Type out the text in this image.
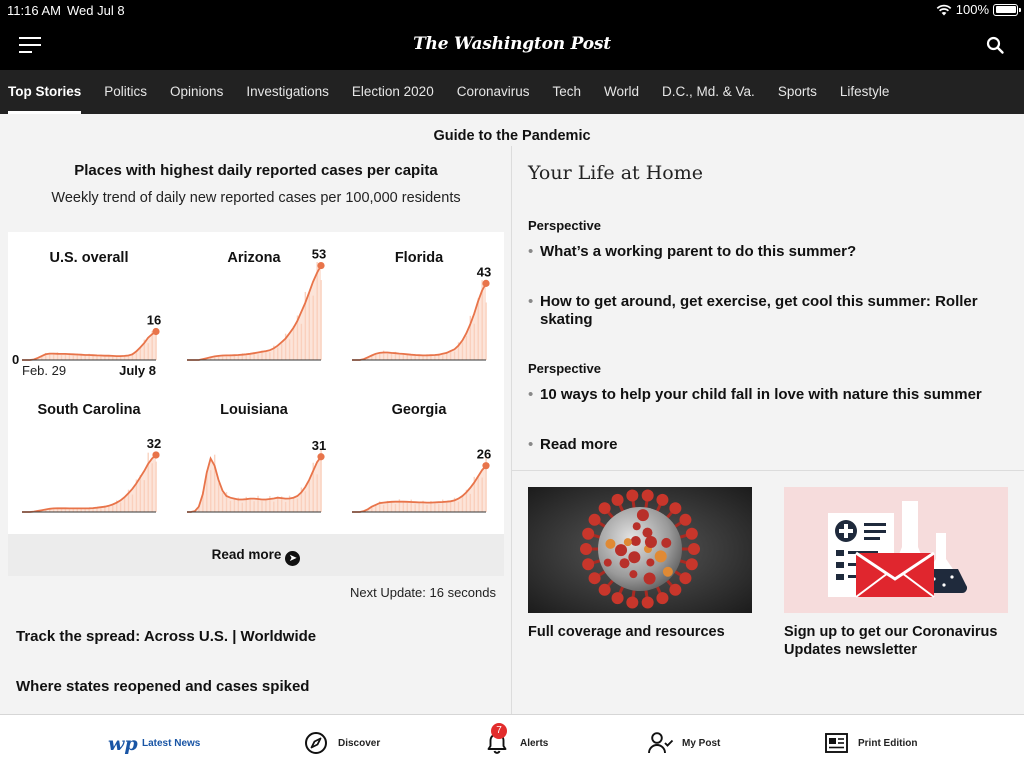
11:16 AM Wed Jul 8	100%
The Washington Post
Top Stories Politics Opinions Investigations Election 2020 Coronavirus Tech World D.C., Md. & Va. Sports Lifestyle
Guide to the Pandemic
Places with highest daily reported cases per capita
Weekly trend of daily new reported cases per 100,000 residents
16
U.S. overall
0
Feb. 29	July 8
53
Arizona
43
Florida
32
South Carolina
31
Louisiana
26
Georgia
Read more ➤
Next Update: 16 seconds
Track the spread: Across U.S. | Worldwide
Where states reopened and cases spiked
Your Life at Home
Perspective
• What’s a working parent to do this summer?
• How to get around, get exercise, get cool this summer: Roller skating
Perspective
• 10 ways to help your child fall in love with nature this summer
• Read more
Full coverage and resources	Sign up to get our Coronavirus Updates newsletter
wp Latest News	Discover
7
Alerts	My Post	Print Edition
